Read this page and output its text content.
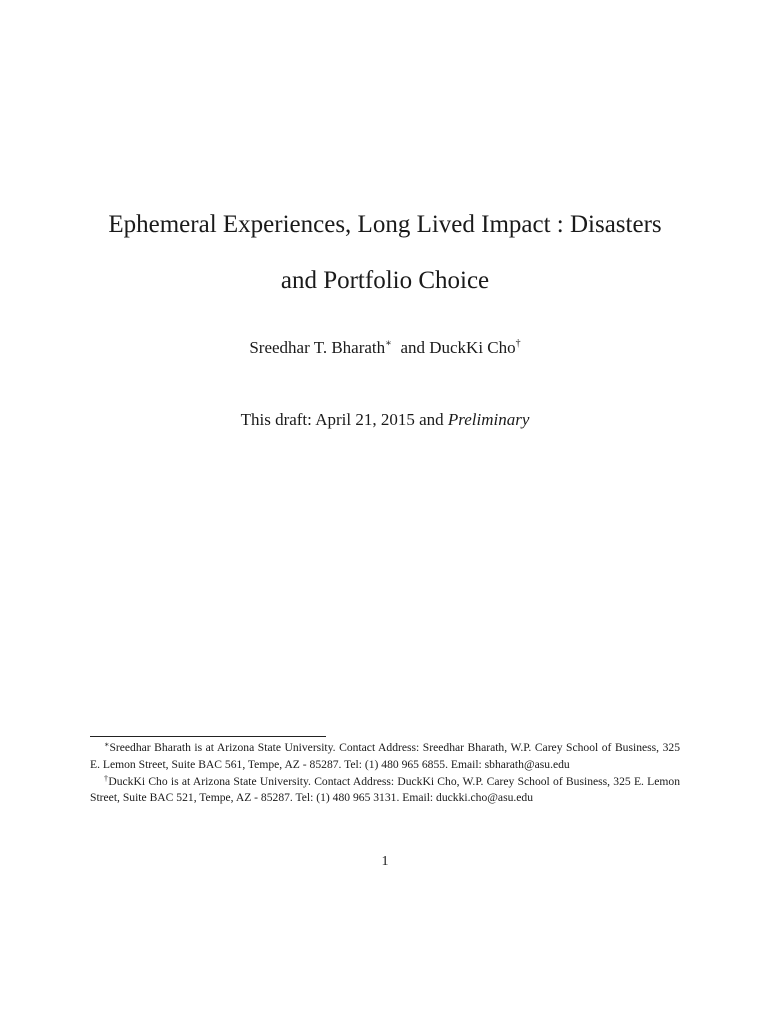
Ephemeral Experiences, Long Lived Impact : Disasters
and Portfolio Choice
Sreedhar T. Bharath∗ and DuckKi Cho†
This draft: April 21, 2015 and Preliminary

∗Sreedhar Bharath is at Arizona State University. Contact Address: Sreedhar Bharath, W.P. Carey School of Business, 325 E. Lemon Street, Suite BAC 561, Tempe, AZ - 85287. Tel: (1) 480 965 6855. Email: sbharath@asu.edu

†DuckKi Cho is at Arizona State University. Contact Address: DuckKi Cho, W.P. Carey School of Business, 325 E. Lemon Street, Suite BAC 521, Tempe, AZ - 85287. Tel: (1) 480 965 3131. Email: duckki.cho@asu.edu

1
